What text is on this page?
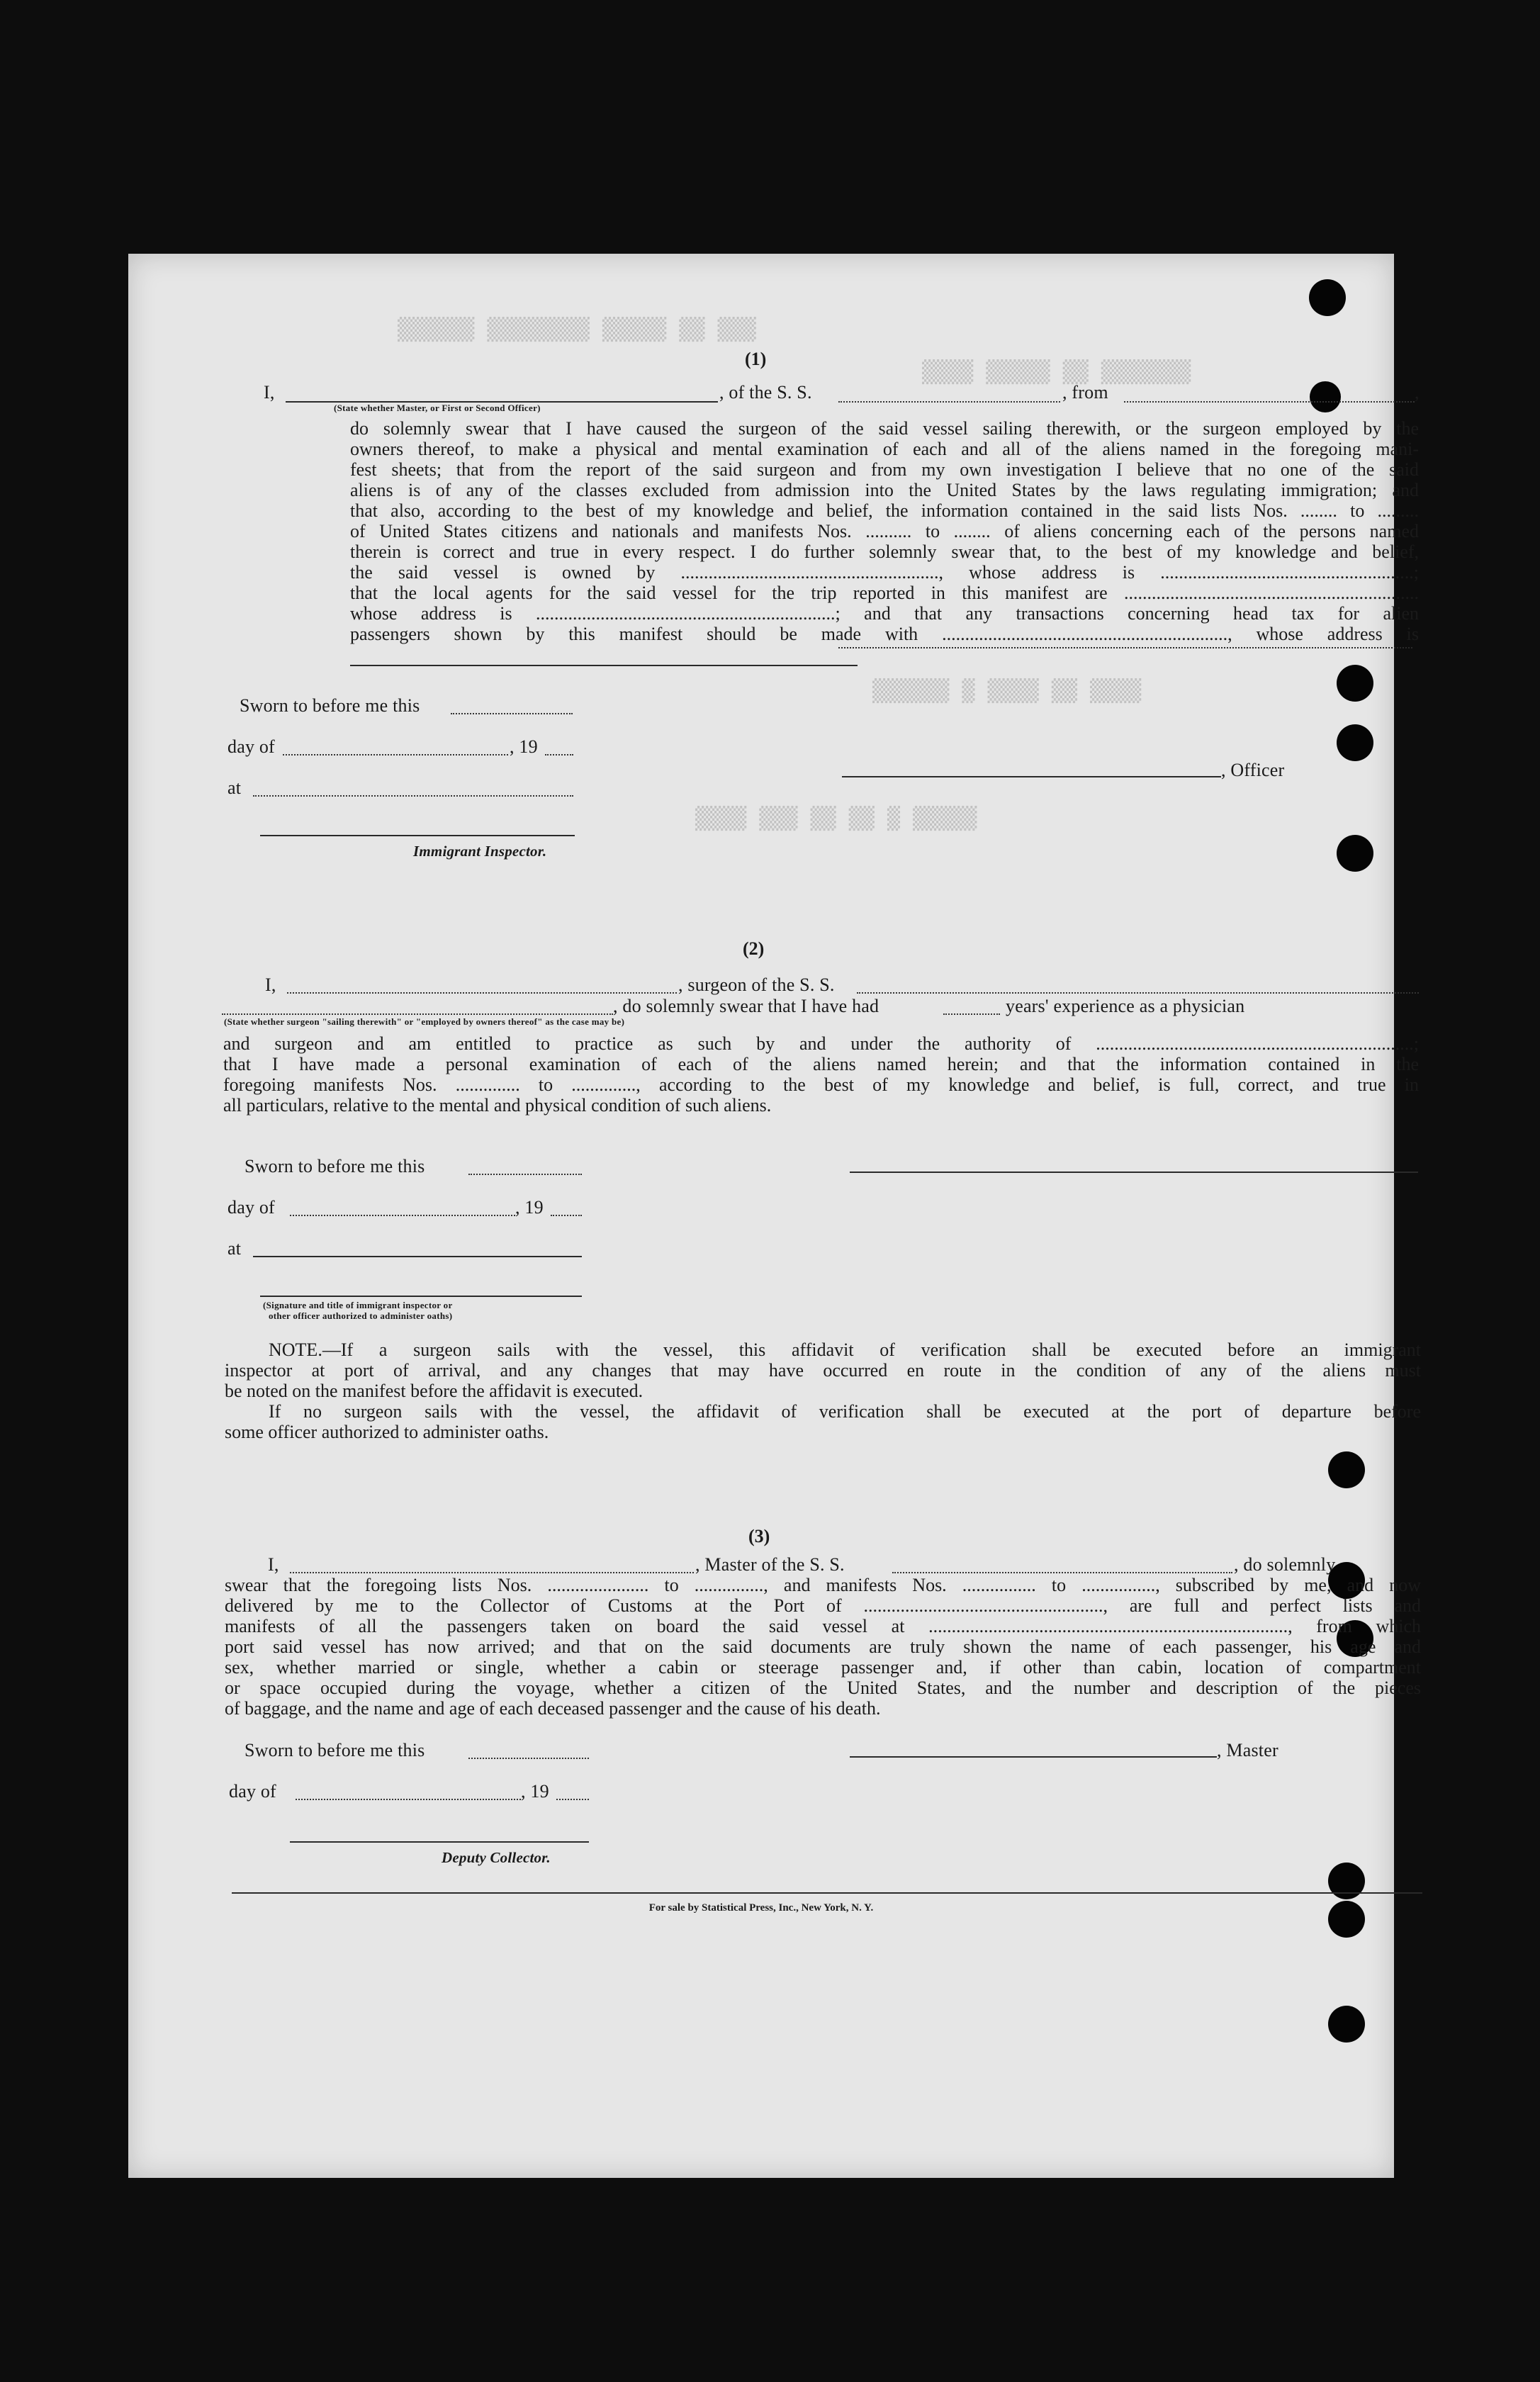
▒▒▒ ▒▒ ▒▒▒▒▒ ▒▒▒▒▒▒▒▒ ▒▒▒▒▒▒
▒▒▒▒▒▒▒ ▒▒ ▒▒▒▒▒ ▒▒▒▒
▒▒▒▒ ▒▒ ▒▒▒▒ ▒ ▒▒▒▒▒▒
▒▒▒▒▒ ▒ ▒▒ ▒▒ ▒▒▒ ▒▒▒▒
(1)
I,	, of the S. S.	, from	,
(State whether Master, or First or Second Officer)
do solemnly swear that I have caused the surgeon of the said vessel sailing therewith, or the surgeon employed by the
owners thereof, to make a physical and mental examination of each and all of the aliens named in the foregoing mani-
fest sheets; that from the report of the said surgeon and from my own investigation I believe that no one of the said
aliens is of any of the classes excluded from admission into the United States by the laws regulating immigration; and
that also, according to the best of my knowledge and belief, the information contained in the said lists Nos. ........ to .........
of United States citizens and nationals and manifests Nos. .......... to ........ of aliens concerning each of the persons named
therein is correct and true in every respect. I do further solemnly swear that, to the best of my knowledge and belief,
the said vessel is owned by ........................................................, whose address is .......................................................;
that the local agents for the said vessel for the trip reported in this manifest are ................................................................
whose address is .................................................................; and that any transactions concerning head tax for alien
passengers shown by this manifest should be made with .............................................................., whose address is
Sworn to before me this
day of	, 19
at
, Officer
Immigrant Inspector.
(2)
I,	, surgeon of the S. S.
, do solemnly swear that I have had	years' experience as a physician
(State whether surgeon "sailing therewith" or "employed by owners thereof" as the case may be)
and surgeon and am entitled to practice as such by and under the authority of .....................................................................;
that I have made a personal examination of each of the aliens named herein; and that the information contained in the
foregoing manifests Nos. .............. to .............., according to the best of my knowledge and belief, is full, correct, and true in
all particulars, relative to the mental and physical condition of such aliens.
Sworn to before me this
day of	, 19
at
(Signature and title of immigrant inspector or
other officer authorized to administer oaths)
NOTE.—If a surgeon sails with the vessel, this affidavit of verification shall be executed before an immigrant
inspector at port of arrival, and any changes that may have occurred en route in the condition of any of the aliens must
be noted on the manifest before the affidavit is executed.
If no surgeon sails with the vessel, the affidavit of verification shall be executed at the port of departure before
some officer authorized to administer oaths.
(3)
I,	, Master of the S. S.	, do solemnly
swear that the foregoing lists Nos. ...................... to ..............., and manifests Nos. ................ to ................, subscribed by me, and now
delivered by me to the Collector of Customs at the Port of ...................................................., are full and perfect lists and
manifests of all the passengers taken on board the said vessel at .............................................................................., from which
port said vessel has now arrived; and that on the said documents are truly shown the name of each passenger, his age and
sex, whether married or single, whether a cabin or steerage passenger and, if other than cabin, location of compartment
or space occupied during the voyage, whether a citizen of the United States, and the number and description of the pieces
of baggage, and the name and age of each deceased passenger and the cause of his death.
Sworn to before me this	, Master
day of	, 19
Deputy Collector.
For sale by Statistical Press, Inc., New York, N. Y.
